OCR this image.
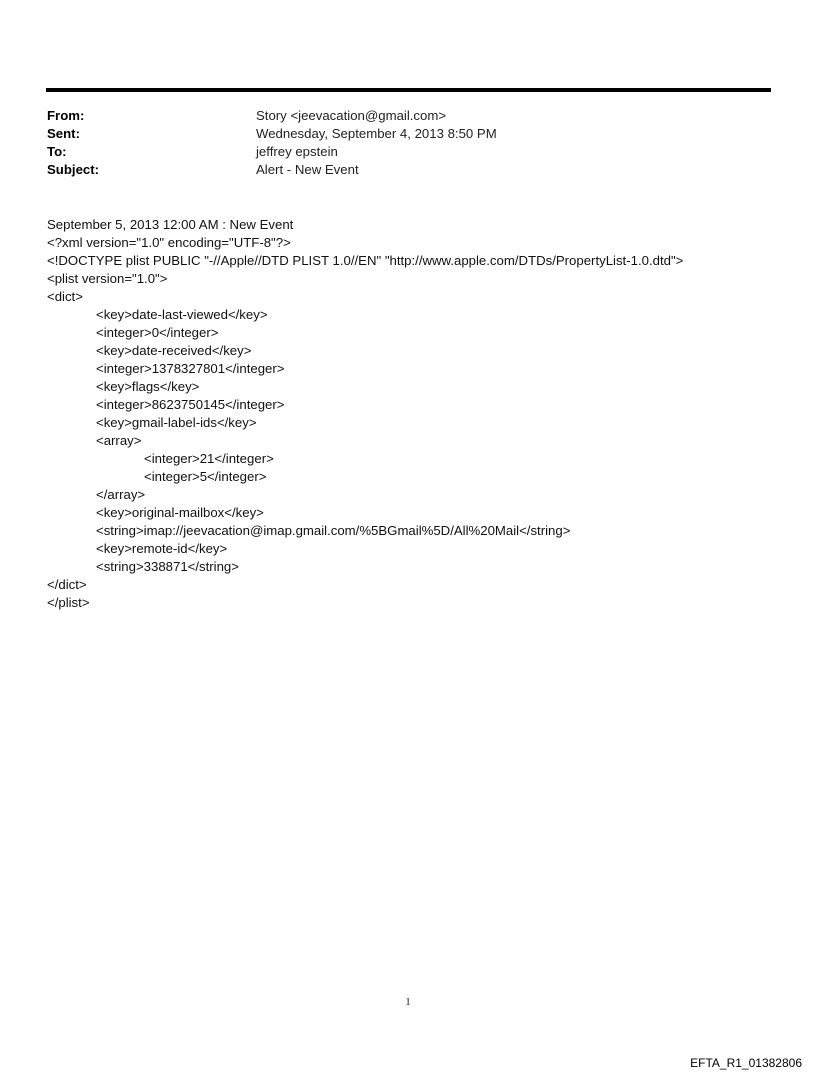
From:	Story <jeevacation@gmail.com>
Sent:	Wednesday, September 4, 2013 8:50 PM
To:	jeffrey epstein
Subject:	Alert - New Event
September 5, 2013 12:00 AM : New Event
<?xml version="1.0" encoding="UTF-8"?>
<!DOCTYPE plist PUBLIC "-//Apple//DTD PLIST 1.0//EN" "http://www.apple.com/DTDs/PropertyList-1.0.dtd">
<plist version="1.0">
<dict>
<key>date-last-viewed</key>
<integer>0</integer>
<key>date-received</key>
<integer>1378327801</integer>
<key>flags</key>
<integer>8623750145</integer>
<key>gmail-label-ids</key>
<array>
<integer>21</integer>
<integer>5</integer>
</array>
<key>original-mailbox</key>
<string>imap://jeevacation@imap.gmail.com/%5BGmail%5D/All%20Mail</string>
<key>remote-id</key>
<string>338871</string>
</dict>
</plist>
1
EFTA_R1_01382806
